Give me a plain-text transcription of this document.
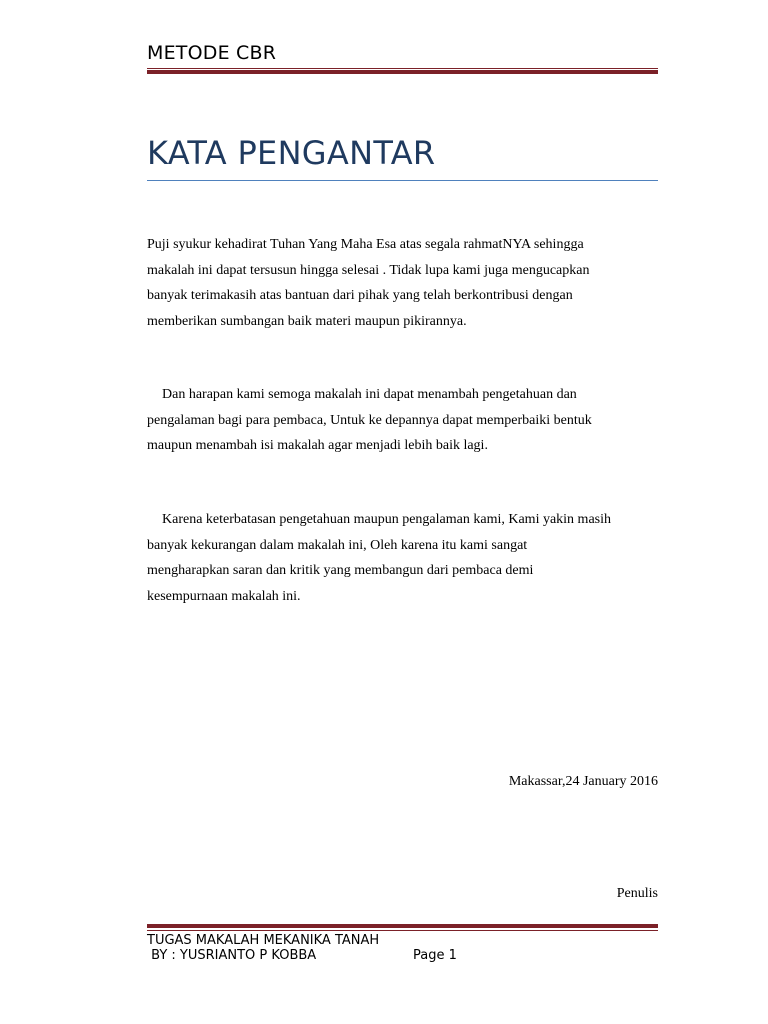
METODE CBR
KATA PENGANTAR
Puji syukur kehadirat Tuhan Yang Maha Esa atas segala rahmatNYA sehingga
makalah ini dapat tersusun hingga selesai . Tidak lupa kami juga mengucapkan
banyak terimakasih atas bantuan dari pihak yang telah berkontribusi dengan
memberikan sumbangan baik materi maupun pikirannya.
Dan harapan kami semoga makalah ini dapat menambah pengetahuan dan
pengalaman bagi para pembaca, Untuk ke depannya dapat memperbaiki bentuk
maupun menambah isi makalah agar menjadi lebih baik lagi.
Karena keterbatasan pengetahuan maupun pengalaman kami, Kami yakin masih
banyak kekurangan dalam makalah ini, Oleh karena itu kami sangat
mengharapkan saran dan kritik yang membangun dari pembaca demi
kesempurnaan makalah ini.
Makassar,24 January 2016
Penulis
TUGAS MAKALAH MEKANIKA TANAH
BY : YUSRIANTO P KOBBA	Page 1
